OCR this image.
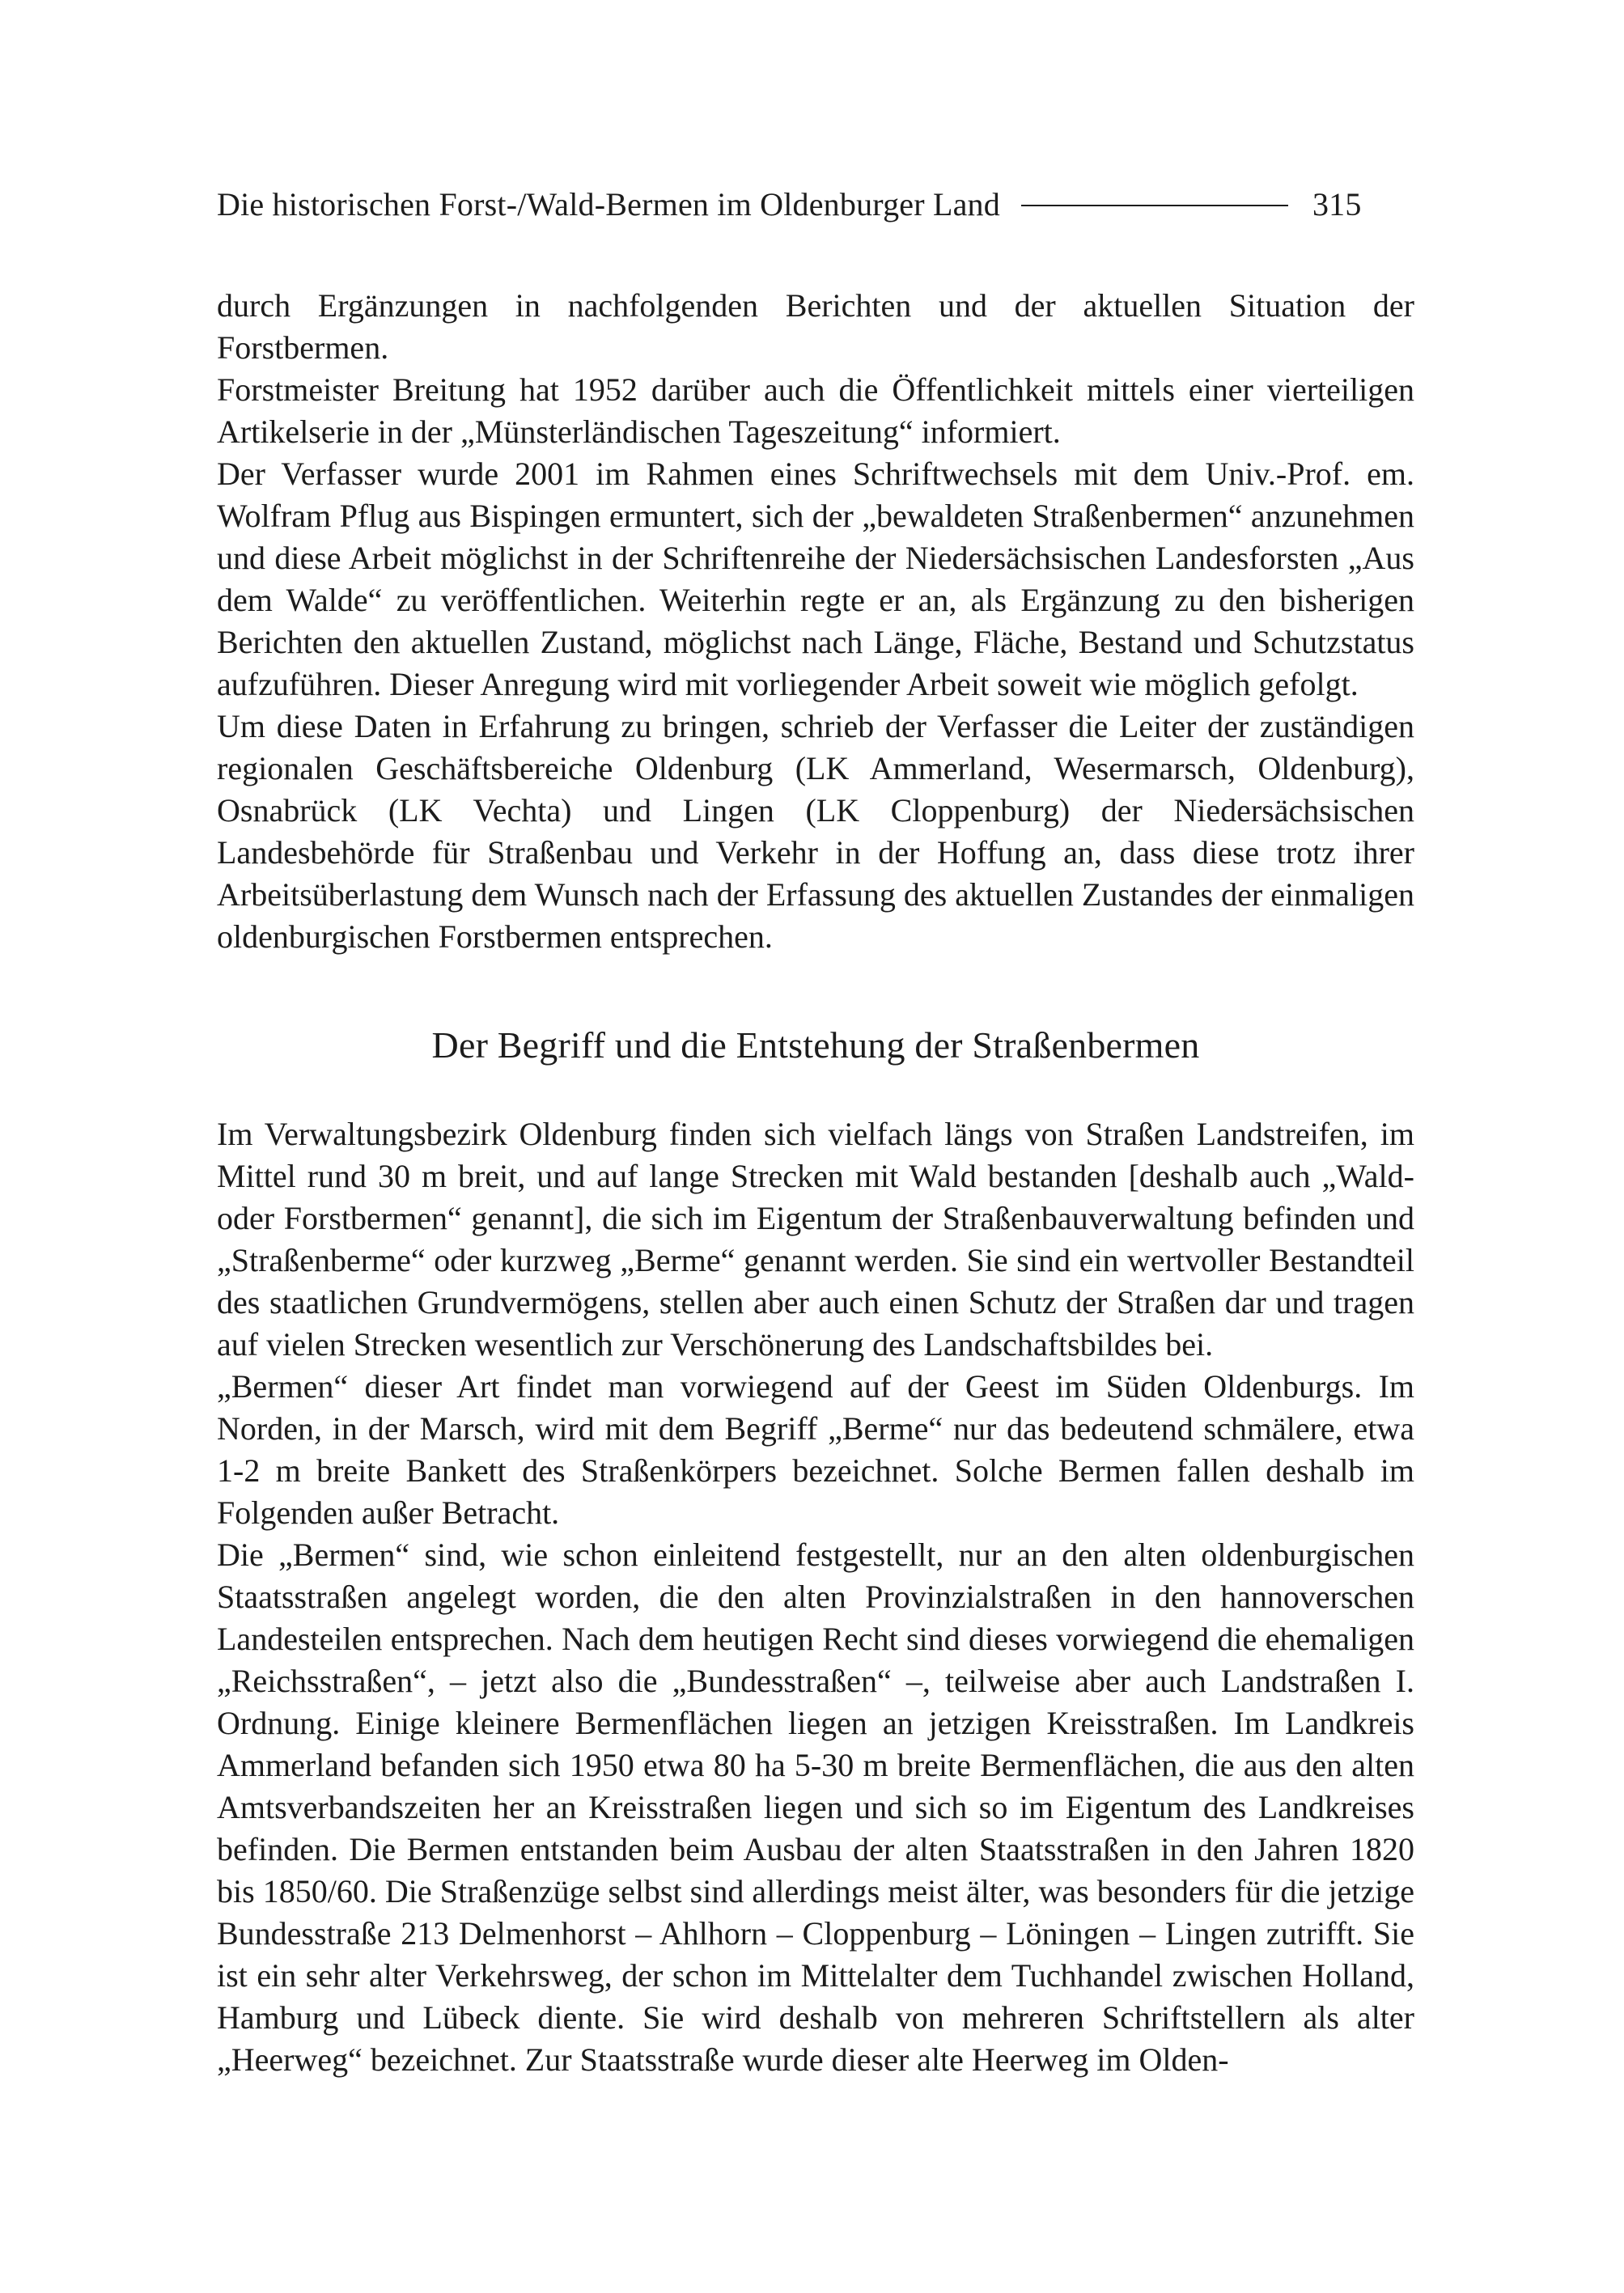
Die historischen Forst-/Wald-Bermen im Oldenburger Land	315

durch Ergänzungen in nachfolgenden Berichten und der aktuellen Situation der Forstbermen.

Forstmeister Breitung hat 1952 darüber auch die Öffentlichkeit mittels einer vierteiligen Artikelserie in der „Münsterländischen Tageszeitung“ informiert.

Der Verfasser wurde 2001 im Rahmen eines Schriftwechsels mit dem Univ.-Prof. em. Wolfram Pflug aus Bispingen ermuntert, sich der „bewaldeten Straßenbermen“ anzunehmen und diese Arbeit möglichst in der Schriftenreihe der Niedersächsischen Landesforsten „Aus dem Walde“ zu veröffentlichen. Weiterhin regte er an, als Ergänzung zu den bisherigen Berichten den aktuellen Zustand, möglichst nach Länge, Fläche, Bestand und Schutzstatus aufzuführen. Dieser Anregung wird mit vorliegender Arbeit soweit wie möglich gefolgt.

Um diese Daten in Erfahrung zu bringen, schrieb der Verfasser die Leiter der zuständigen regionalen Geschäftsbereiche Oldenburg (LK Ammerland, Wesermarsch, Oldenburg), Osnabrück (LK Vechta) und Lingen (LK Cloppenburg) der Niedersächsischen Landesbehörde für Straßenbau und Verkehr in der Hoffung an, dass diese trotz ihrer Arbeitsüberlastung dem Wunsch nach der Erfassung des aktuellen Zustandes der einmaligen oldenburgischen Forstbermen entsprechen.

Der Begriff und die Entstehung der Straßenbermen

Im Verwaltungsbezirk Oldenburg finden sich vielfach längs von Straßen Landstreifen, im Mittel rund 30 m breit, und auf lange Strecken mit Wald bestanden [deshalb auch „Wald- oder Forstbermen“ genannt], die sich im Eigentum der Straßenbauverwaltung befinden und „Straßenberme“ oder kurzweg „Berme“ genannt werden. Sie sind ein wertvoller Bestandteil des staatlichen Grundvermögens, stellen aber auch einen Schutz der Straßen dar und tragen auf vielen Strecken wesentlich zur Verschönerung des Landschaftsbildes bei.

„Bermen“ dieser Art findet man vorwiegend auf der Geest im Süden Oldenburgs. Im Norden, in der Marsch, wird mit dem Begriff „Berme“ nur das bedeutend schmälere, etwa 1-2 m breite Bankett des Straßenkörpers bezeichnet. Solche Bermen fallen deshalb im Folgenden außer Betracht.

Die „Bermen“ sind, wie schon einleitend festgestellt, nur an den alten oldenburgischen Staatsstraßen angelegt worden, die den alten Provinzialstraßen in den hannoverschen Landesteilen entsprechen. Nach dem heutigen Recht sind dieses vorwiegend die ehemaligen „Reichsstraßen“, – jetzt also die „Bundesstraßen“ –, teilweise aber auch Landstraßen I. Ordnung. Einige kleinere Bermenflächen liegen an jetzigen Kreisstraßen. Im Landkreis Ammerland befanden sich 1950 etwa 80 ha 5-30 m breite Bermenflächen, die aus den alten Amtsverbandszeiten her an Kreisstraßen liegen und sich so im Eigentum des Landkreises befinden. Die Bermen entstanden beim Ausbau der alten Staatsstraßen in den Jahren 1820 bis 1850/60. Die Straßenzüge selbst sind allerdings meist älter, was besonders für die jetzige Bundesstraße 213 Delmenhorst – Ahlhorn – Cloppenburg – Löningen – Lingen zutrifft. Sie ist ein sehr alter Verkehrsweg, der schon im Mittelalter dem Tuchhandel zwischen Holland, Hamburg und Lübeck diente. Sie wird deshalb von mehreren Schriftstellern als alter „Heerweg“ bezeichnet. Zur Staatsstraße wurde dieser alte Heerweg im Olden-
